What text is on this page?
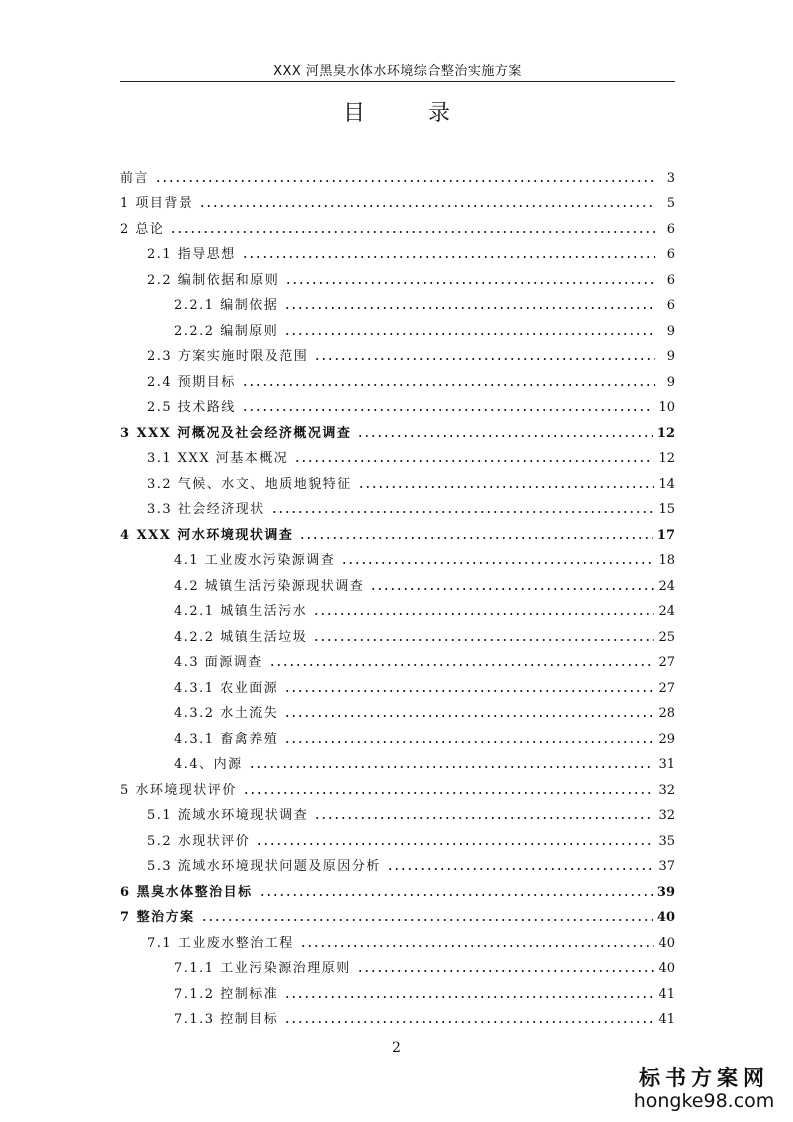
XXX 河黑臭水体水环境综合整治实施方案
目 录
前言	3
1 项目背景	5
2 总论	6
2.1 指导思想	6
2.2 编制依据和原则	6
2.2.1 编制依据	6
2.2.2 编制原则	9
2.3 方案实施时限及范围	9
2.4 预期目标	9
2.5 技术路线	10
3 XXX 河概况及社会经济概况调查	12
3.1 XXX 河基本概况	12
3.2 气候、水文、地质地貌特征	14
3.3 社会经济现状	15
4 XXX 河水环境现状调查	17
4.1 工业废水污染源调查	18
4.2 城镇生活污染源现状调查	24
4.2.1 城镇生活污水	24
4.2.2 城镇生活垃圾	25
4.3 面源调查	27
4.3.1 农业面源	27
4.3.2 水土流失	28
4.3.1 畜禽养殖	29
4.4、内源	31
5 水环境现状评价	32
5.1 流域水环境现状调查	32
5.2 水现状评价	35
5.3 流域水环境现状问题及原因分析	37
6 黑臭水体整治目标	39
7 整治方案	40
7.1 工业废水整治工程	40
7.1.1 工业污染源治理原则	40
7.1.2 控制标准	41
7.1.3 控制目标	41
2
标书方案网
hongke98.com
